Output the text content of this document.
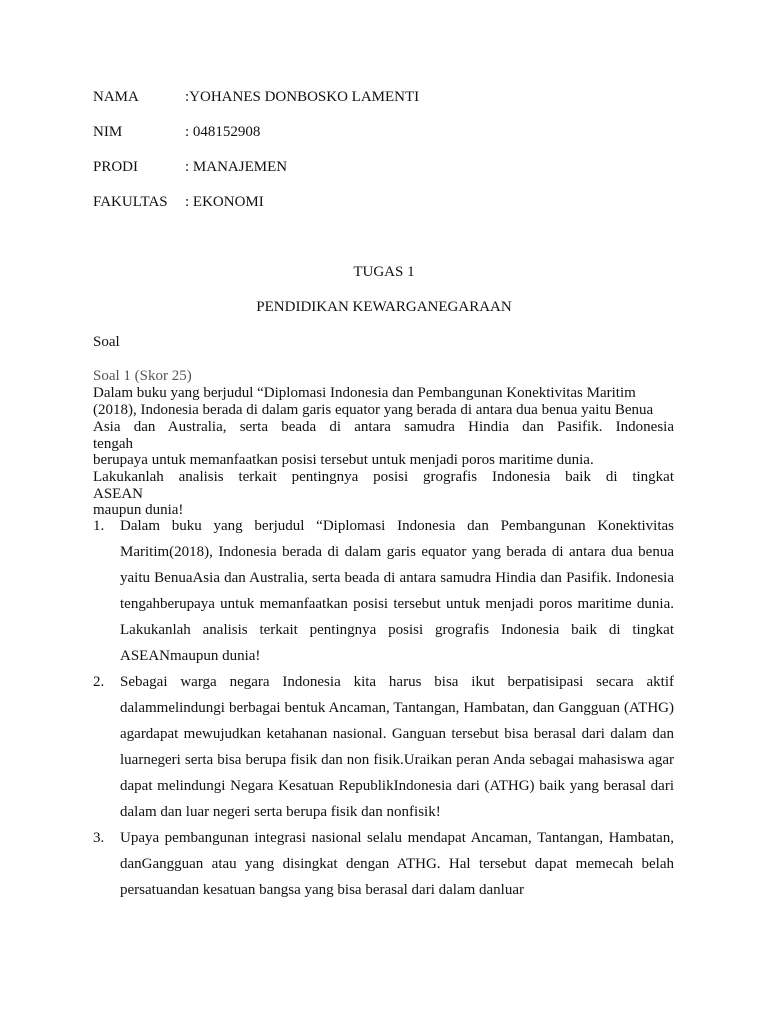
NAMA	:YOHANES DONBOSKO LAMENTI
NIM	: 048152908
PRODI	: MANAJEMEN
FAKULTAS : EKONOMI
TUGAS 1
PENDIDIKAN KEWARGANEGARAAN
Soal
Soal 1 (Skor 25)
Dalam buku yang berjudul “Diplomasi Indonesia dan Pembangunan Konektivitas Maritim
(2018), Indonesia berada di dalam garis equator yang berada di antara dua benua yaitu Benua
Asia dan Australia, serta beada di antara samudra Hindia dan Pasifik. Indonesia
tengah
berupaya untuk memanfaatkan posisi tersebut untuk menjadi poros maritime dunia.
Lakukanlah analisis terkait pentingnya posisi grografis Indonesia baik di tingkat
ASEAN
maupun dunia!
1. Dalam buku yang berjudul “Diplomasi Indonesia dan Pembangunan Konektivitas Maritim(2018), Indonesia berada di dalam garis equator yang berada di antara dua benua yaitu BenuaAsia dan Australia, serta beada di antara samudra Hindia dan Pasifik. Indonesia tengahberupaya untuk memanfaatkan posisi tersebut untuk menjadi poros maritime dunia. Lakukanlah analisis terkait pentingnya posisi grografis Indonesia baik di tingkat ASEANmaupun dunia!
2. Sebagai warga negara Indonesia kita harus bisa ikut berpatisipasi secara aktif dalammelindungi berbagai bentuk Ancaman, Tantangan, Hambatan, dan Gangguan (ATHG) agardapat mewujudkan ketahanan nasional. Ganguan tersebut bisa berasal dari dalam dan luarnegeri serta bisa berupa fisik dan non fisik.Uraikan peran Anda sebagai mahasiswa agar dapat melindungi Negara Kesatuan RepublikIndonesia dari (ATHG) baik yang berasal dari dalam dan luar negeri serta berupa fisik dan nonfisik!
3. Upaya pembangunan integrasi nasional selalu mendapat Ancaman, Tantangan, Hambatan, danGangguan atau yang disingkat dengan ATHG. Hal tersebut dapat memecah belah persatuandan kesatuan bangsa yang bisa berasal dari dalam danluar
